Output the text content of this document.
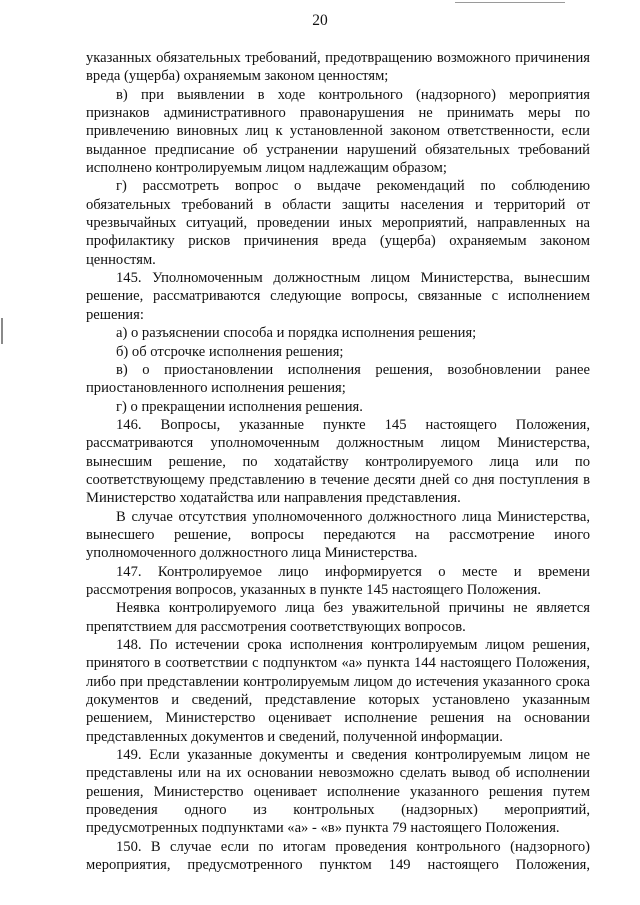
20

указанных обязательных требований, предотвращению возможного причинения вреда (ущерба) охраняемым законом ценностям;

в) при выявлении в ходе контрольного (надзорного) мероприятия признаков административного правонарушения не принимать меры по привлечению виновных лиц к установленной законом ответственности, если выданное предписание об устранении нарушений обязательных требований исполнено контролируемым лицом надлежащим образом;

г) рассмотреть вопрос о выдаче рекомендаций по соблюдению обязательных требований в области защиты населения и территорий от чрезвычайных ситуаций, проведении иных мероприятий, направленных на профилактику рисков причинения вреда (ущерба) охраняемым законом ценностям.

145. Уполномоченным должностным лицом Министерства, вынесшим решение, рассматриваются следующие вопросы, связанные с исполнением решения:

а) о разъяснении способа и порядка исполнения решения;

б) об отсрочке исполнения решения;

в) о приостановлении исполнения решения, возобновлении ранее приостановленного исполнения решения;

г) о прекращении исполнения решения.

146. Вопросы, указанные пункте 145 настоящего Положения, рассматриваются уполномоченным должностным лицом Министерства, вынесшим решение, по ходатайству контролируемого лица или по соответствующему представлению в течение десяти дней со дня поступления в Министерство ходатайства или направления представления.

В случае отсутствия уполномоченного должностного лица Министерства, вынесшего решение, вопросы передаются на рассмотрение иного уполномоченного должностного лица Министерства.

147. Контролируемое лицо информируется о месте и времени рассмотрения вопросов, указанных в пункте 145 настоящего Положения.

Неявка контролируемого лица без уважительной причины не является препятствием для рассмотрения соответствующих вопросов.

148. По истечении срока исполнения контролируемым лицом решения, принятого в соответствии с подпунктом «а» пункта 144 настоящего Положения, либо при представлении контролируемым лицом до истечения указанного срока документов и сведений, представление которых установлено указанным решением, Министерство оценивает исполнение решения на основании представленных документов и сведений, полученной информации.

149. Если указанные документы и сведения контролируемым лицом не представлены или на их основании невозможно сделать вывод об исполнении решения, Министерство оценивает исполнение указанного решения путем проведения одного из контрольных (надзорных) мероприятий, предусмотренных подпунктами «а» - «в» пункта 79 настоящего Положения.

150. В случае если по итогам проведения контрольного (надзорного) мероприятия, предусмотренного пунктом 149 настоящего Положения,
